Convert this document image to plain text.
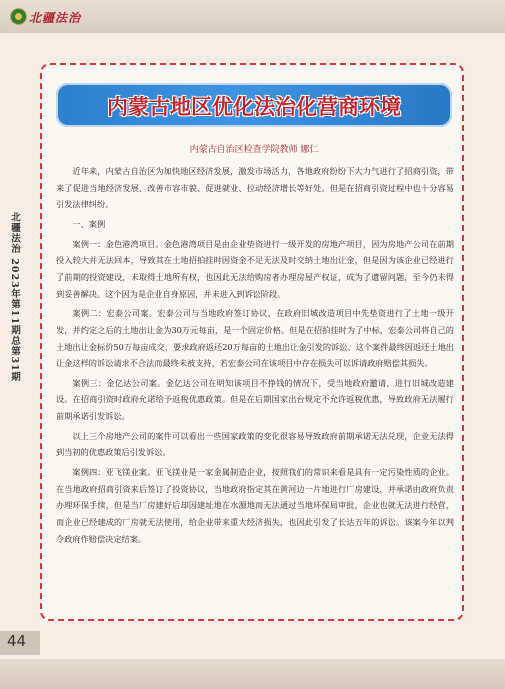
北疆法治
北疆法治 2023年第11期总第31期
内蒙古地区优化法治化营商环境
内蒙古自治区检查学院教师 娜仁

近年来，内蒙古自治区为加快地区经济发展，激发市场活力，各地政府纷纷下大力气进行了招商引资，带来了促进当地经济发展、改善市容市貌、促进就业、拉动经济增长等好处。但是在招商引资过程中也十分容易引发法律纠纷。

一、案例

案例一：金色港湾项目。金色港湾项目是由企业垫资进行一级开发的房地产项目，因为房地产公司在前期投入较大并无法回本，导致其在土地招拍挂时因资金不足无法及时交纳土地出让金，但是因为该企业已经进行了前期的投资建设，未取得土地所有权，也因此无法给购房者办理房屋产权证，成为了遗留问题，至今仍未得到妥善解决。这个因为是企业自身原因，并未进入到诉讼阶段。

案例二：宏泰公司案。宏泰公司与当地政府签订协议，在政府旧城改造项目中先垫资进行了土地一级开发，并约定之后的土地出让金为30万元每亩，是一个固定价格。但是在招拍挂时为了中标，宏泰公司将自己的土地出让金标价50万每亩成交，要求政府返还20万每亩的土地出让金引发的诉讼。这个案件最终因返还土地出让金这样的诉讼请求不合法而最终未被支持，若宏泰公司在该项目中存在损失可以诉请政府赔偿其损失。

案例三：金亿达公司案。金亿达公司在明知该项目不挣钱的情况下，受当地政府邀请，进行旧城改造建设。在招商引资时政府允诺给予返税优惠政策。但是在后期国家出台规定不允许返税优惠，导致政府无法履行前期承诺引发诉讼。

以上三个房地产公司的案件可以看出一些国家政策的变化很容易导致政府前期承诺无法兑现，企业无法得到当初的优惠政策后引发诉讼。

案例四：亚飞镁业案。亚飞镁业是一家金属制造企业，按照我们的常识来看是具有一定污染性质的企业。在当地政府招商引资来后签订了投资协议，当地政府指定其在黄河边一片地进行厂房建设，并承诺由政府负责办理环保手续，但是当厂房建好后却因建址地在水源地而无法通过当地环保局审批，企业也就无法进行经营，而企业已经建成的厂房就无法使用，给企业带来重大经济损失，也因此引发了长达五年的诉讼。该案今年以判令政府作赔偿决定结案。

44
